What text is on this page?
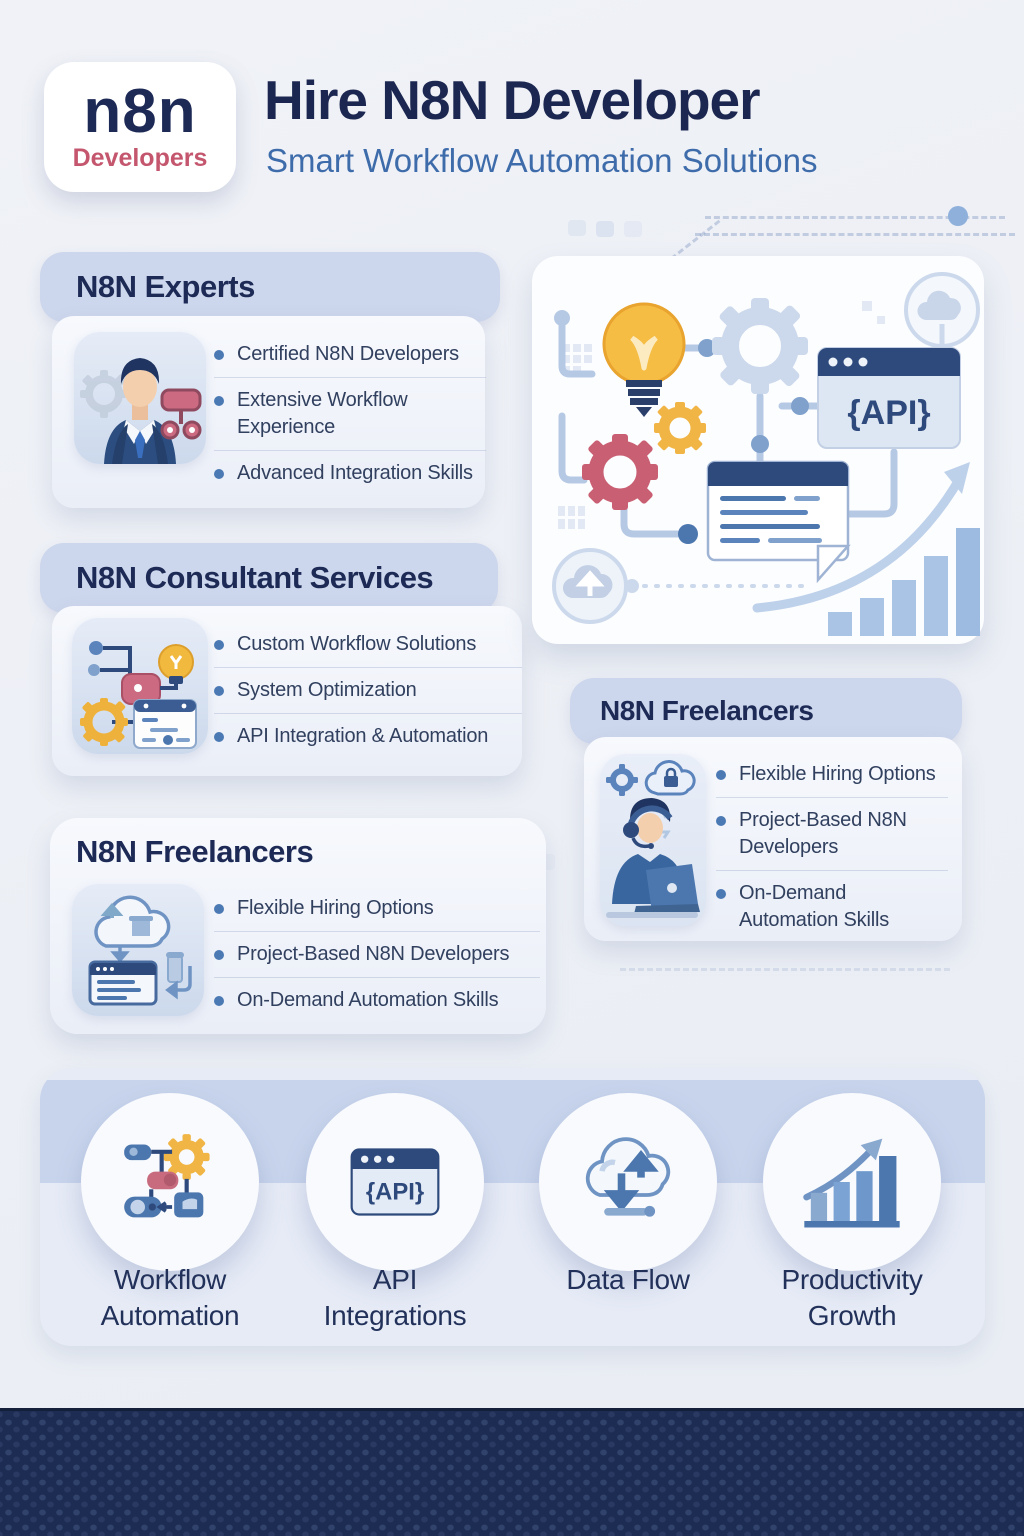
n8n
Developers
Hire N8N Developer
Smart Workflow Automation Solutions
N8N Experts
Certified N8N Developers
Extensive Workflow Experience
Advanced Integration Skills
N8N Consultant Services
Custom Workflow Solutions
System Optimization
API Integration & Automation
{API}
N8N Freelancers
Flexible Hiring Options
Project-Based N8N Developers
On-Demand Automation Skills
N8N Freelancers
Flexible Hiring Options
Project-Based N8N Developers
On-Demand Automation Skills
{API}
Workflow Automation
API Integrations
Data Flow	Productivity Growth
